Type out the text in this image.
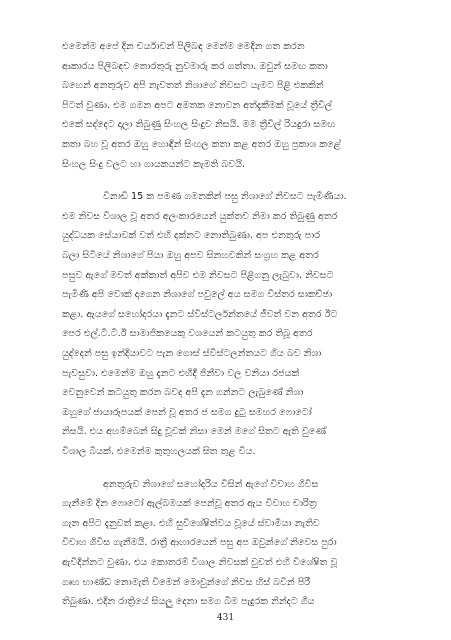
එමෙන්ම අපේ දින චර්යාවන් පිලිබඳ මෙන්ම මෙදින ගත කරන
ආකාරය පිලිබඳව තොරතුරු නුවමාරු කර ගත්තා. ඔවුන් සමඟ කතා
බහෙන් අනතුරුව අපි නැවතත් නිශාගේ නිවසට යැමට පිළි එකකින්
පිටත් වුණා. එම ගමන අපට අමතක නොවන අත්දැකීමක් වූයේ ත්‍රීවිල්
එකේ සද්දෙට දාලා තිබුණු සිංහල සිංදුව නිසයි. මම ත්‍රීවිල් රියදුරා සමඟ
කතා බහ වූ අතර ඔහු හොඳින් සිංහල කතා කළ අතර ඔහු ප්‍රකාශ කළේ
සිංහල සිංදු වලට හා ගායකයන්ට කැමති බවයි.
විනාඩි 15 ක පමණ ගමනකින් පසු නිශාගේ නිවසට පැමිණියා.
එම නිවස විශාල වූ අතර අලංකාරයෙන් යුක්තව නිමා කර තිබුණු අතර
යුද්ධයක සේයාවක් වත් එහි දක්නට නොතිබුණා. අප එනතුරු පාර
බලා සිටියේ නිශාගේ පියා ඔහු අපව සිනහවකින් සංග්‍රහ කළ අතර
පසුව ඇගේ මවත් අක්කාත් අපිව එම නිවසට පිළිගනු ලැබුවා. නිවසට
පැමිණි අපි වොක් දාගෙන නිශාගේ පවුලේ අය සමග විස්තර සාකච්ඡා
කළා. ඇයගේ සහෝදරයා දැනට ස්විස්ටර්ලන්තයේ ජීවත් වන අතර ඊට
පෙර එල්.ටී.ටී.ඊ සාමාජිකයෙකු වශයෙන් කටයුතු කර තිබූ අතර
යුද්දෙන් පසු ඉන්දියාවට පැන ගොස් ස්විස්ටලන්තයට ගිය බව නිශා
පැවසුවා. එමෙන්ම ඔහු දැනට එහිදී ජිනීවා වල වනියා රජයක්
වෙනුවෙන් කටයුතු කරන බවද අපි දැන ගන්නට ලැබුණේ නිශා
ඔහුගේ ජායාරූපයක් පෙන් වූ අතර ජ සමග දුටු සමහර ෆොටෝ
නිසයි. එය අහම්බෙන් සිදු වූවක් නිසා මෙන් මගේ සිතට ඇති වුණේ
විශාල බියක්. එමෙන්ම කුතුහලයක් සිත තුළ විය.
අනතුරුව නිශාගේ සහෝදරිය විසින් ඇගේ විවාහ ගිවිස
ගැනීමේ දින ෆොටෝ ඇල්බමයක් පෙන්වූ අතර ඇය විවාහ චාරිත්‍ර
ගැන අපිට දැනුවත් කළා. එහි සුවිශේෂිත්වය වූයේ ස්වාමියා නැතිව
විවාහ ගිවිස ගැනීමයි. රාත්‍රී ආහාරයෙන් පසු අප ඔවුන්ගේ නිවෙස පුරා
ඇවිදින්නට වුණා. එය කොතරම් විශාල නිවසක් වුවත් එහි විශේෂිත වූ
ගෘහ භාණ්ඩ නොමැති වීමෙන් මොවුන්ගේ නිවස හිස් බවින් පිරී
තිබුණා. එදින රාත්‍රියේ සියලු දෙනා සමග බිම පැදුරක නින්දට ගිය
431
